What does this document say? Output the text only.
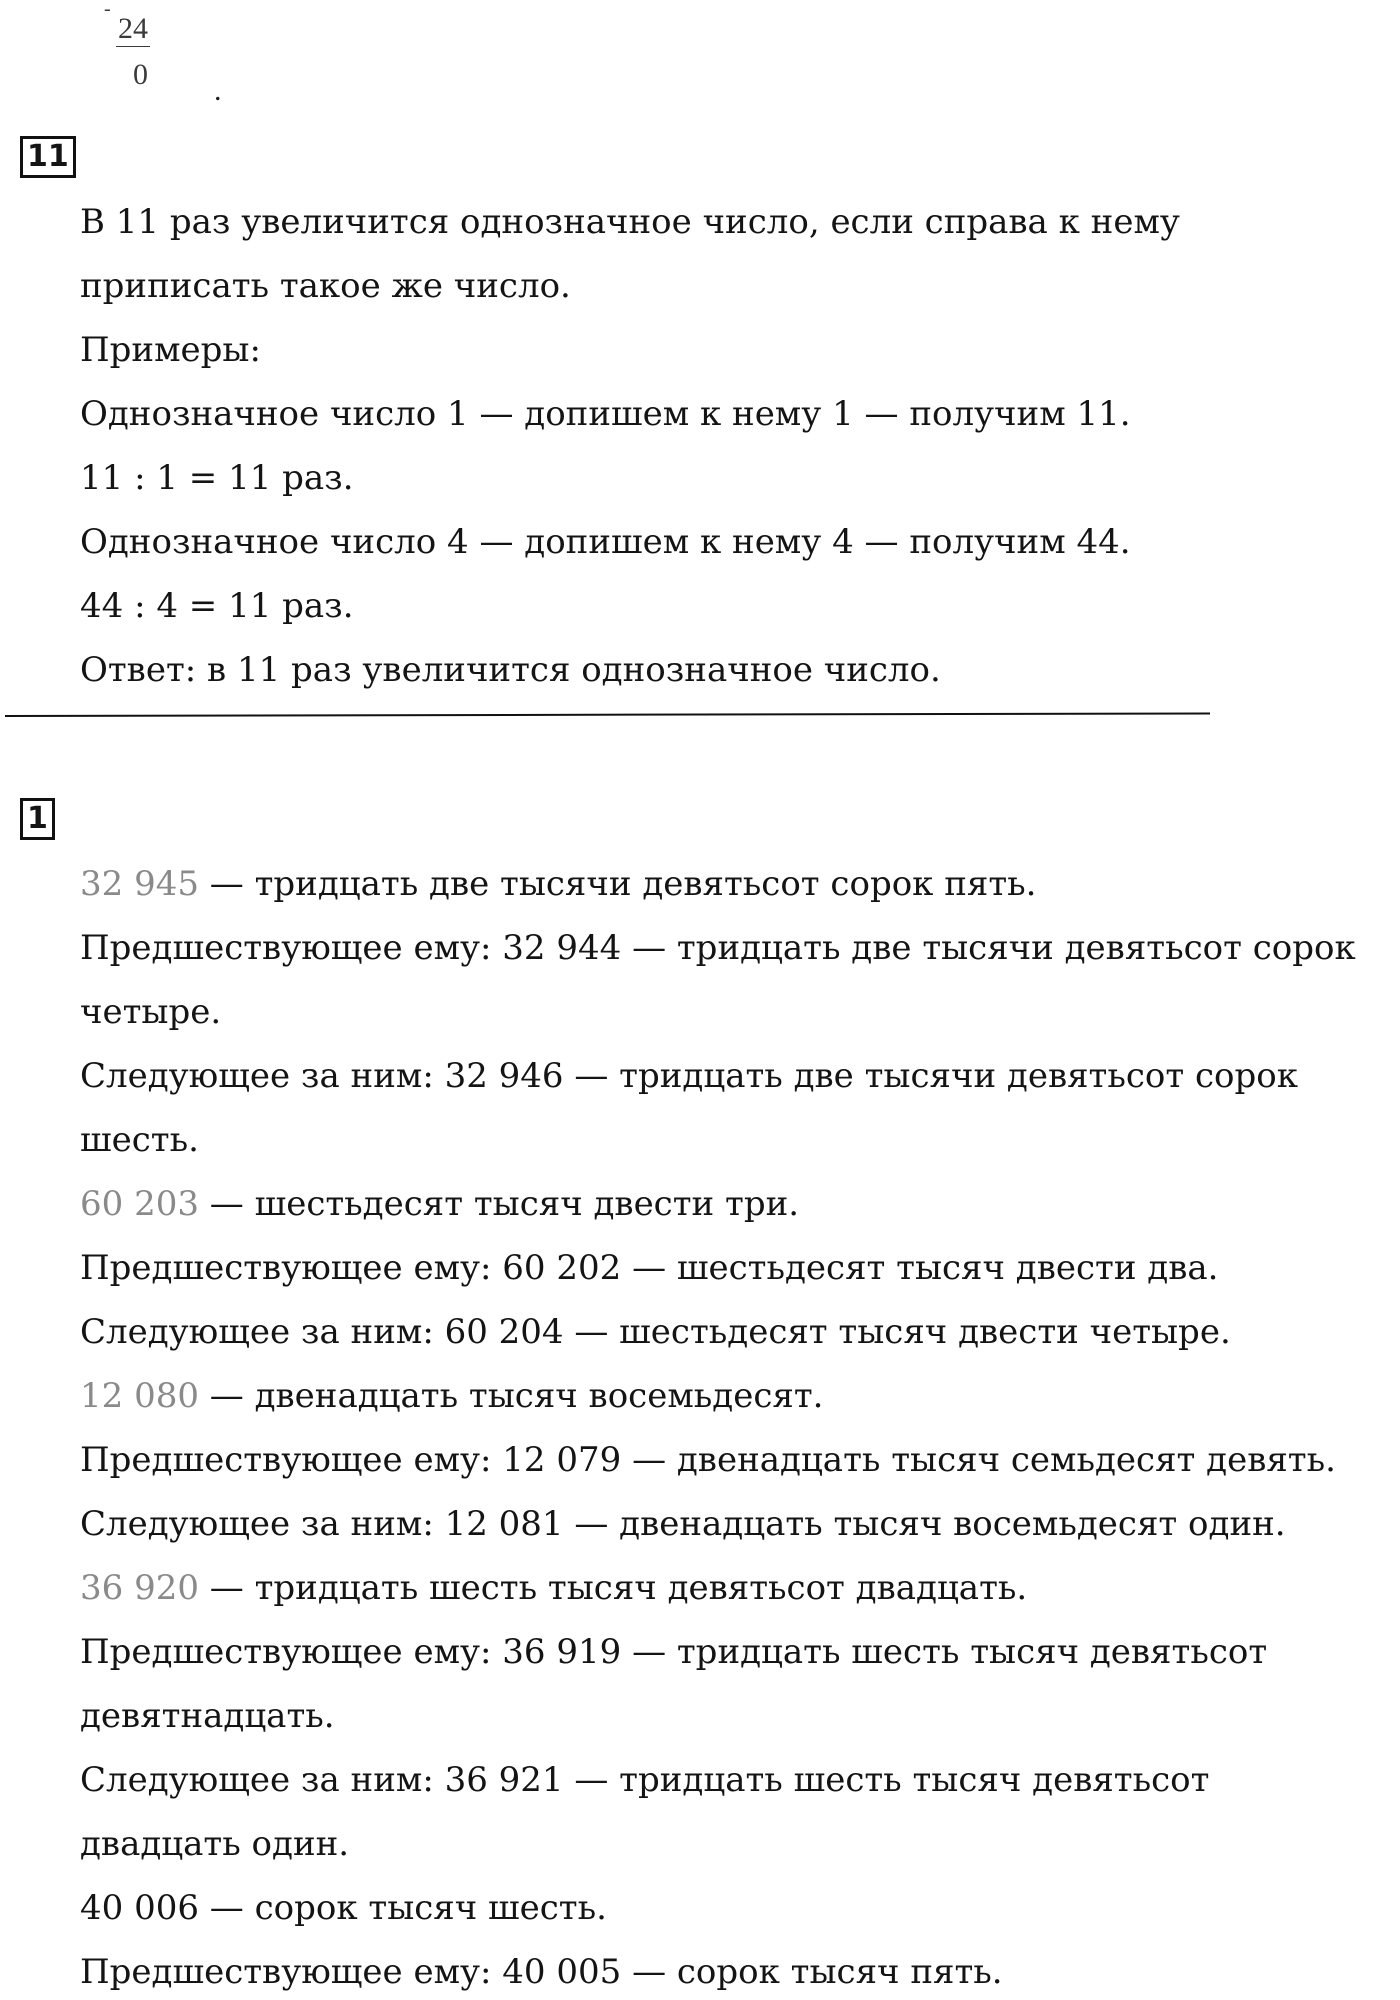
-
24
0 .
11
В 11 раз увеличится однозначное число, если справа к нему
приписать такое же число.
Примеры:
Однозначное число 1 — допишем к нему 1 — получим 11.
11 : 1 = 11 раз.
Однозначное число 4 — допишем к нему 4 — получим 44.
44 : 4 = 11 раз.
Ответ: в 11 раз увеличится однозначное число.
1
32 945 — тридцать две тысячи девятьсот сорок пять.
Предшествующее ему: 32 944 — тридцать две тысячи девятьсот сорок
четыре.
Следующее за ним: 32 946 — тридцать две тысячи девятьсот сорок
шесть.
60 203 — шестьдесят тысяч двести три.
Предшествующее ему: 60 202 — шестьдесят тысяч двести два.
Следующее за ним: 60 204 — шестьдесят тысяч двести четыре.
12 080 — двенадцать тысяч восемьдесят.
Предшествующее ему: 12 079 — двенадцать тысяч семьдесят девять.
Следующее за ним: 12 081 — двенадцать тысяч восемьдесят один.
36 920 — тридцать шесть тысяч девятьсот двадцать.
Предшествующее ему: 36 919 — тридцать шесть тысяч девятьсот
девятнадцать.
Следующее за ним: 36 921 — тридцать шесть тысяч девятьсот
двадцать один.
40 006 — сорок тысяч шесть.
Предшествующее ему: 40 005 — сорок тысяч пять.
